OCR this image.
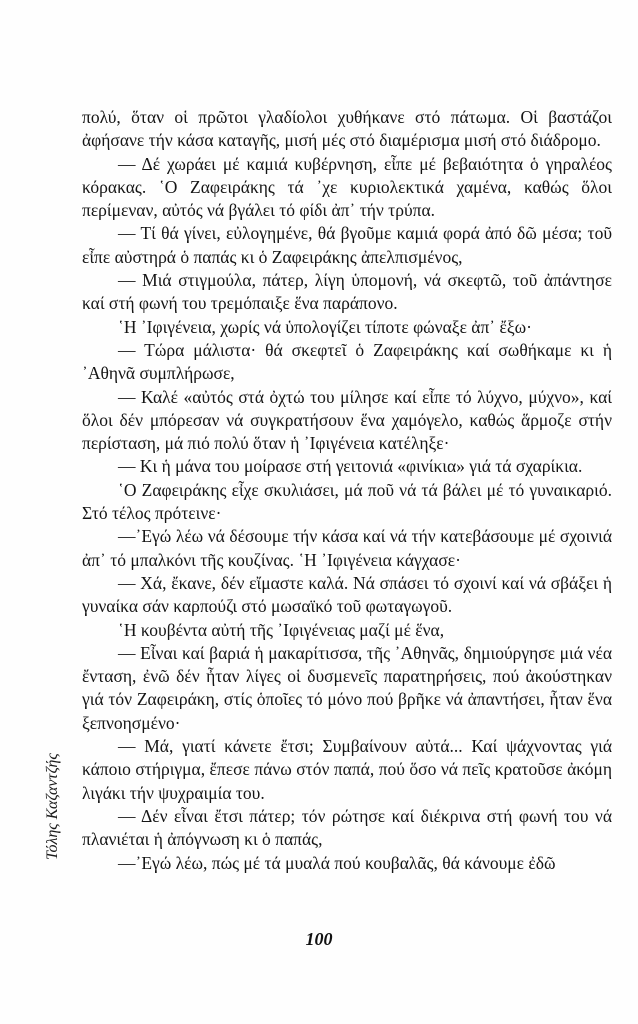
πολύ, ὅταν οἱ πρῶτοι γλαδίολοι χυθήκανε στό πάτωμα. Οἱ βαστάζοι ἀφήσανε τήν κάσα καταγῆς, μισή μές στό διαμέρισμα μισή στό διάδρομο.

— Δέ χωράει μέ καμιά κυβέρνηση, εἶπε μέ βεβαιότητα ὁ γηραλέος κόρακας. ῾Ο Ζαφειράκης τά ᾽χε κυριολεκτικά χαμένα, καθώς ὅλοι περίμεναν, αὐτός νά βγάλει τό φίδι ἀπ᾽ τήν τρύπα.

— Τί θά γίνει, εὐλογημένε, θά βγοῦμε καμιά φορά ἀπό δῶ μέσα; τοῦ εἶπε αὐστηρά ὁ παπάς κι ὁ Ζαφειράκης ἀπελπισμένος,

— Μιά στιγμούλα, πάτερ, λίγη ὑπομονή, νά σκεφτῶ, τοῦ ἀπάντησε καί στή φωνή του τρεμόπαιξε ἕνα παράπονο.

῾Η ᾽Ιφιγένεια, χωρίς νά ὑπολογίζει τίποτε φώναξε ἀπ᾽ ἔξω·

— Τώρα μάλιστα· θά σκεφτεῖ ὁ Ζαφειράκης καί σωθήκαμε κι ἡ ᾽Αθηνᾶ συμπλήρωσε,

— Καλέ «αὐτός στά ὀχτώ του μίλησε καί εἶπε τό λύχνο, μύχνο», καί ὅλοι δέν μπόρεσαν νά συγκρατήσουν ἕνα χαμόγελο, καθώς ἅρμοζε στήν περίσταση, μά πιό πολύ ὅταν ἡ ᾽Ιφιγένεια κατέληξε·

— Κι ἡ μάνα του μοίρασε στή γειτονιά «φινίκια» γιά τά σχαρίκια.

῾Ο Ζαφειράκης εἶχε σκυλιάσει, μά ποῦ νά τά βάλει μέ τό γυναικαριό. Στό τέλος πρότεινε·

—᾽Εγώ λέω νά δέσουμε τήν κάσα καί νά τήν κατεβάσουμε μέ σχοινιά ἀπ᾽ τό μπαλκόνι τῆς κουζίνας. ῾Η ᾽Ιφιγένεια κάγχασε·

— Χά, ἔκανε, δέν εἴμαστε καλά. Νά σπάσει τό σχοινί καί νά σβάξει ἡ γυναίκα σάν καρπούζι στό μωσαϊκό τοῦ φωταγωγοῦ.

῾Η κουβέντα αὐτή τῆς ᾽Ιφιγένειας μαζί μέ ἕνα,

— Εἶναι καί βαριά ἡ μακαρίτισσα, τῆς ᾽Αθηνᾶς, δημιούργησε μιά νέα ἔνταση, ἐνῶ δέν ἦταν λίγες οἱ δυσμενεῖς παρατηρήσεις, πού ἀκούστηκαν γιά τόν Ζαφειράκη, στίς ὁποῖες τό μόνο πού βρῆκε νά ἀπαντήσει, ἦταν ἕνα ξεπνοησμένο·

— Μά, γιατί κάνετε ἔτσι; Συμβαίνουν αὐτά... Καί ψάχνοντας γιά κάποιο στήριγμα, ἔπεσε πάνω στόν παπά, πού ὅσο νά πεῖς κρατοῦσε ἀκόμη λιγάκι τήν ψυχραιμία του.

— Δέν εἶναι ἔτσι πάτερ; τόν ρώτησε καί διέκρινα στή φωνή του νά πλανιέται ἡ ἀπόγνωση κι ὁ παπάς,

—᾽Εγώ λέω, πώς μέ τά μυαλά πού κουβαλᾶς, θά κάνουμε ἐδῶ

Τόλης Καζαντζής
100
